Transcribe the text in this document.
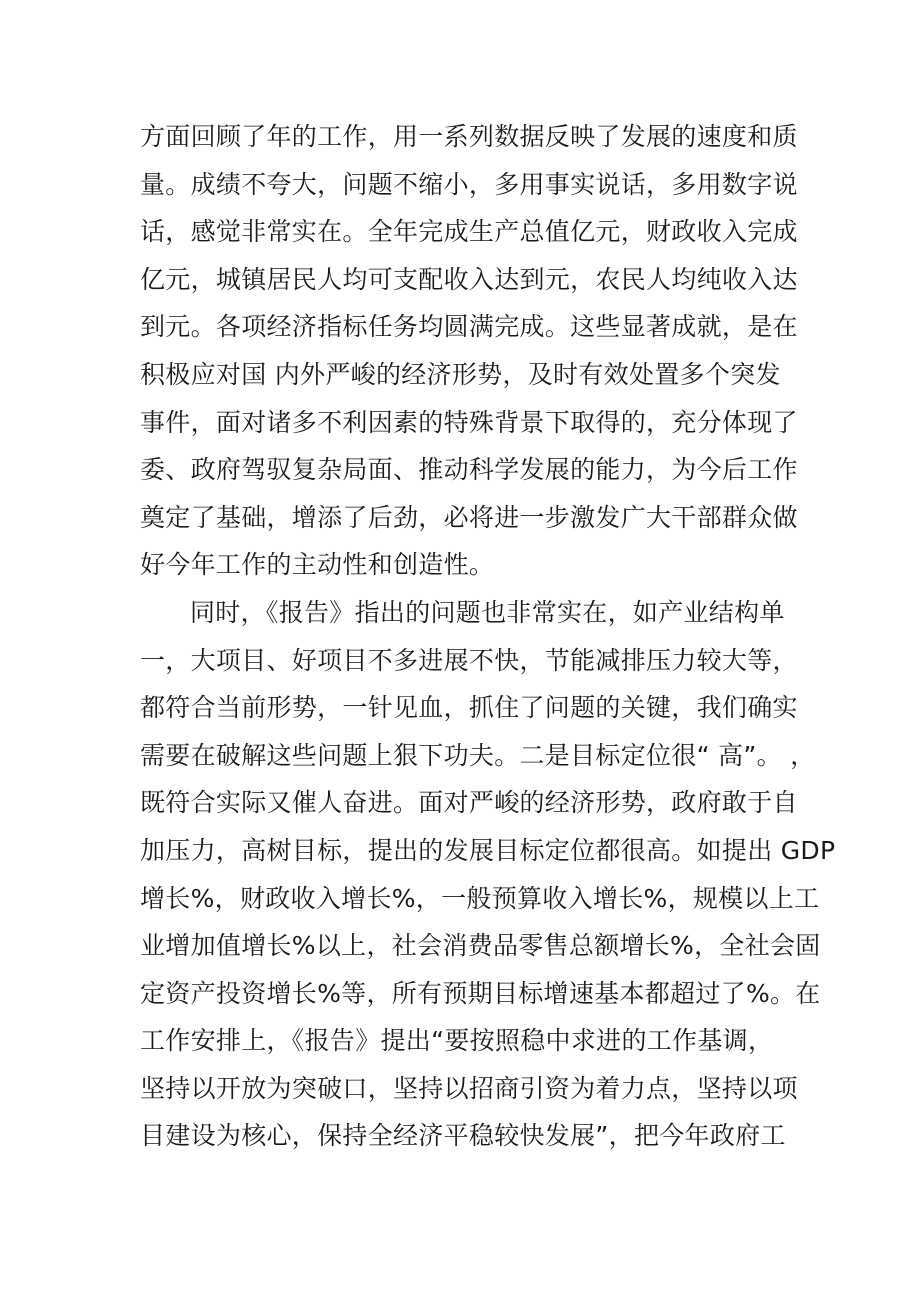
方面回顾了年的工作，用一系列数据反映了发展的速度和质
量。成绩不夸大，问题不缩小，多用事实说话，多用数字说
话，感觉非常实在。全年完成生产总值亿元，财政收入完成
亿元，城镇居民人均可支配收入达到元，农民人均纯收入达
到元。各项经济指标任务均圆满完成。这些显著成就，是在
积极应对国 内外严峻的经济形势，及时有效处置多个突发
事件，面对诸多不利因素的特殊背景下取得的，充分体现了
委、政府驾驭复杂局面、推动科学发展的能力，为今后工作
奠定了基础，增添了后劲，必将进一步激发广大干部群众做
好今年工作的主动性和创造性。
同时，《报告》指出的问题也非常实在，如产业结构单
一，大项目、好项目不多进展不快，节能减排压力较大等，
都符合当前形势，一针见血，抓住了问题的关键，我们确实
需要在破解这些问题上狠下功夫。二是目标定位很“ 高”。 ，
既符合实际又催人奋进。面对严峻的经济形势，政府敢于自
加压力，高树目标，提出的发展目标定位都很高。如提出 GDP
增长%，财政收入增长%，一般预算收入增长%，规模以上工
业增加值增长%以上，社会消费品零售总额增长%，全社会固
定资产投资增长%等，所有预期目标增速基本都超过了%。在
工作安排上，《报告》提出“要按照稳中求进的工作基调，
坚持以开放为突破口，坚持以招商引资为着力点，坚持以项
目建设为核心，保持全经济平稳较快发展”，把今年政府工
